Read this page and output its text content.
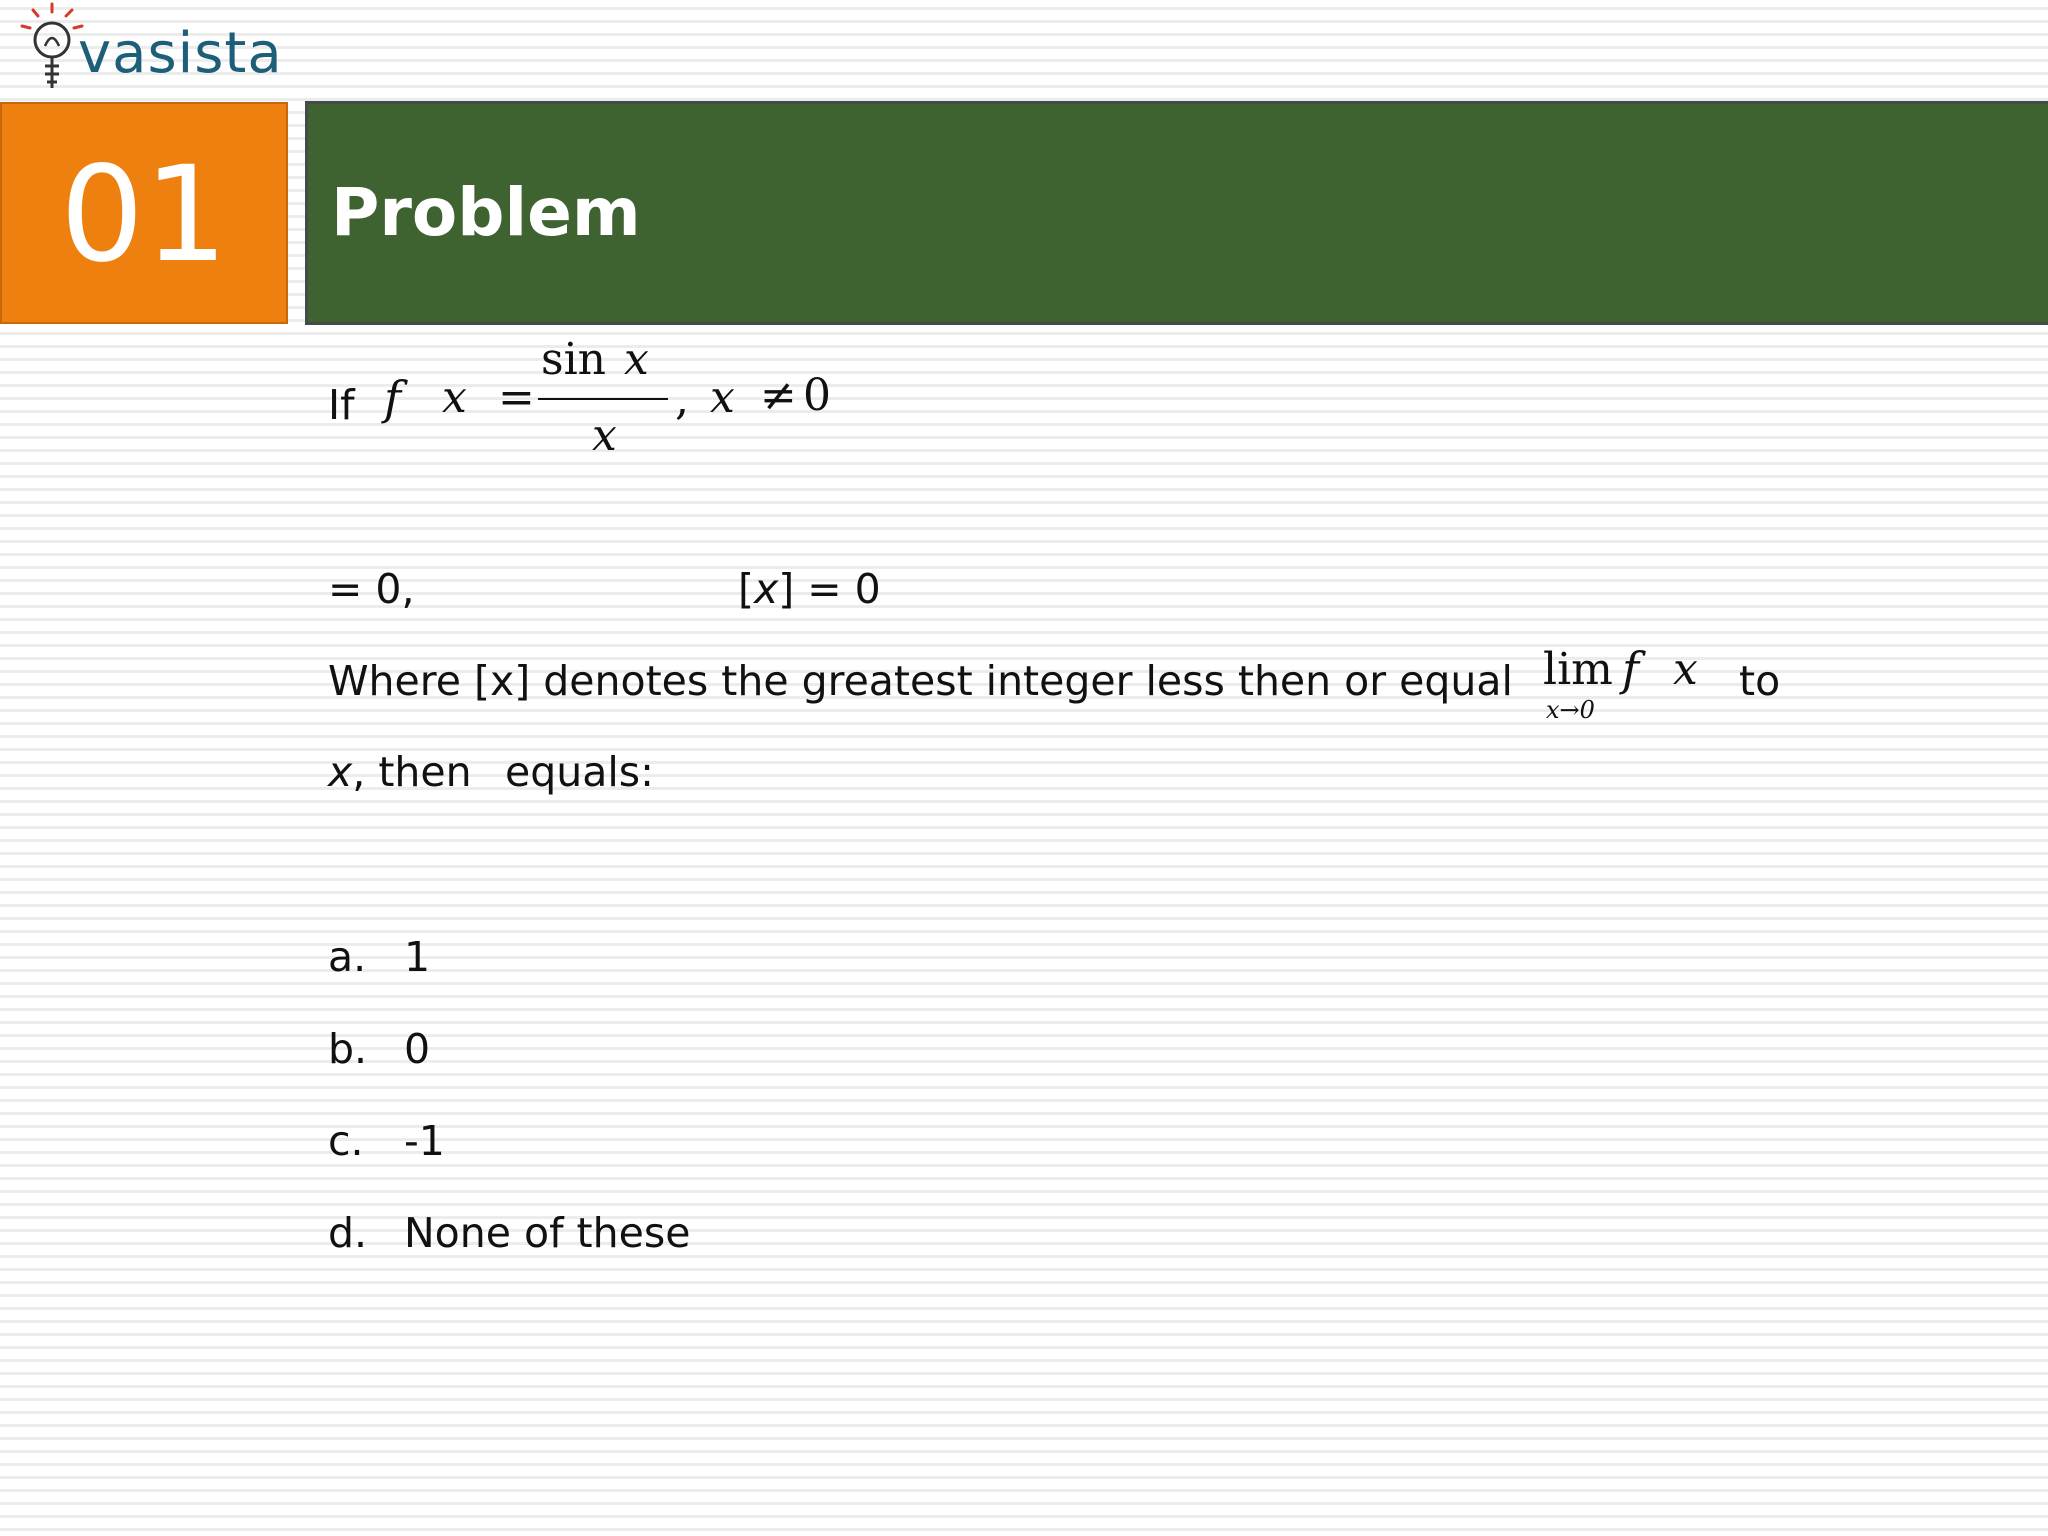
vasista
01 Problem
If f x =
sin x
x
, x ≠ 0
= 0,	[x] = 0
Where [x] denotes the greatest integer less then or equal lim
x→0
f x to
x, then equals:
a. 1
b. 0
c. -1
d. None of these
